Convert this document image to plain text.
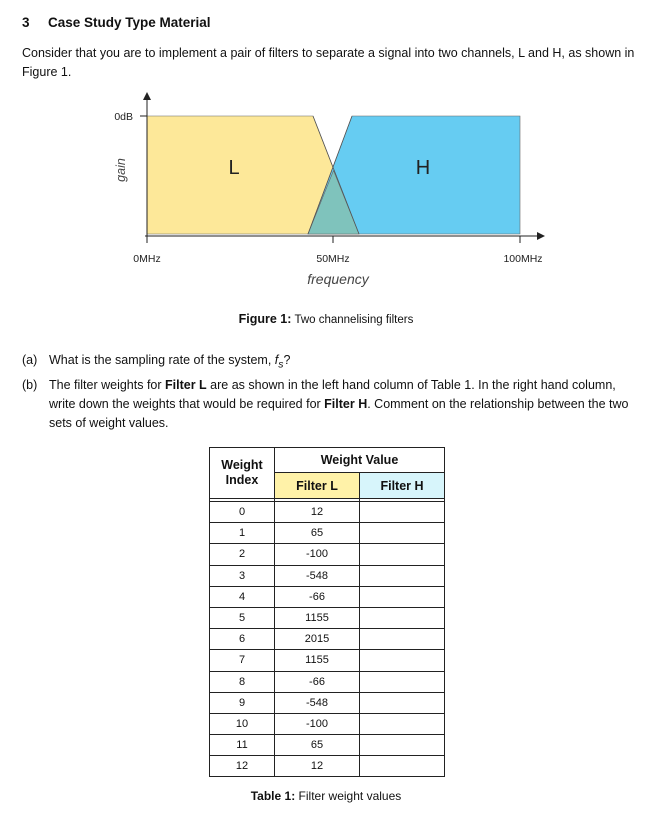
3 Case Study Type Material
Consider that you are to implement a pair of filters to separate a signal into two channels, L and H, as shown in Figure 1.
0dB
gain	L	H
0MHz	50MHz	100MHz
frequency
Figure 1: Two channelising filters
(a) What is the sampling rate of the system, $f_s$?
(b) The filter weights for Filter L are as shown in the left hand column of Table 1. In the right hand column, write down the weights that would be required for Filter H. Comment on the relationship between the two sets of weight values.
Weight
Index	Weight Value	
	Filter L	Filter H

0	12	
1	65	
2	-100	
3	-548	
4	-66	
5	1155	
6	2015	
7	1155	
8	-66	
9	-548	
10	-100	
11	65	
12	12	
Table 1: Filter weight values
